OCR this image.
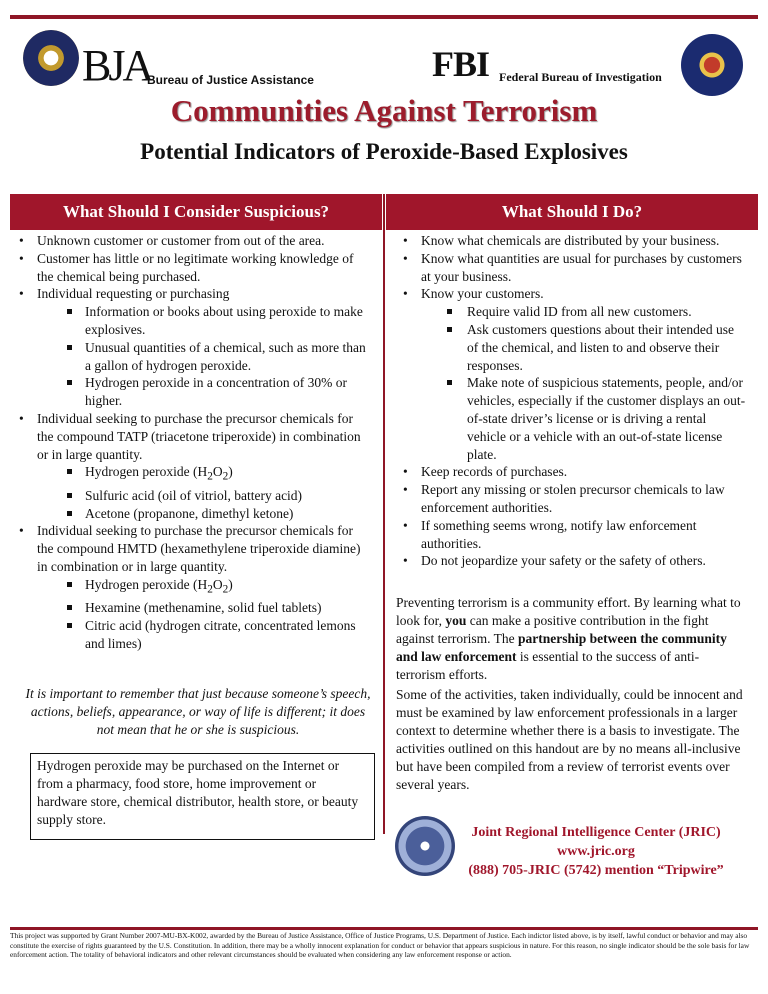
BJA
Bureau of Justice Assistance	FBI Federal Bureau of Investigation
Communities Against Terrorism
Potential Indicators of Peroxide-Based Explosives
What Should I Consider Suspicious?	What Should I Do?
• Unknown customer or customer from out of the area.
• Customer has little or no legitimate working knowledge of the chemical being purchased.
• Individual requesting or purchasing
Information or books about using peroxide to make explosives.
Unusual quantities of a chemical, such as more than a gallon of hydrogen peroxide.
Hydrogen peroxide in a concentration of 30% or higher.
• Individual seeking to purchase the precursor chemicals for the compound TATP (triacetone triperoxide) in combination or in large quantity.
Hydrogen peroxide $(H_2O_2)$
Sulfuric acid (oil of vitriol, battery acid)
Acetone (propanone, dimethyl ketone)
• Individual seeking to purchase the precursor chemicals for the compound HMTD (hexamethylene triperoxide diamine) in combination or in large quantity.
Hydrogen peroxide $(H_2O_2)$
Hexamine (methenamine, solid fuel tablets)
Citric acid (hydrogen citrate, concentrated lemons and limes)
It is important to remember that just because someone’s speech, actions, beliefs, appearance, or way of life is different; it does not mean that he or she is suspicious.
Hydrogen peroxide may be purchased on the Internet or from a pharmacy, food store, home improvement or hardware store, chemical distributor, health store, or beauty supply store.
• Know what chemicals are distributed by your business.
• Know what quantities are usual for purchases by customers at your business.
• Know your customers.
Require valid ID from all new customers.
Ask customers questions about their intended use of the chemical, and listen to and observe their responses.
Make note of suspicious statements, people, and/or vehicles, especially if the customer displays an out-of-state driver’s license or is driving a rental vehicle or a vehicle with an out-of-state license plate.
• Keep records of purchases.
• Report any missing or stolen precursor chemicals to law enforcement authorities.
• If something seems wrong, notify law enforcement authorities.
• Do not jeopardize your safety or the safety of others.
Preventing terrorism is a community effort. By learning what to look for, you can make a positive contribution in the fight against terrorism. The partnership between the community and law enforcement is essential to the success of anti-terrorism efforts.
Some of the activities, taken individually, could be innocent and must be examined by law enforcement professionals in a larger context to determine whether there is a basis to investigate. The activities outlined on this handout are by no means all-inclusive but have been compiled from a review of terrorist events over several years.
Joint Regional Intelligence Center (JRIC)
www.jric.org
(888) 705-JRIC (5742) mention “Tripwire”
This project was supported by Grant Number 2007-MU-BX-K002, awarded by the Bureau of Justice Assistance, Office of Justice Programs, U.S. Department of Justice. Each indictor listed above, is by itself, lawful conduct or behavior and may also constitute the exercise of rights guaranteed by the U.S. Constitution. In addition, there may be a wholly innocent explanation for conduct or behavior that appears suspicious in nature. For this reason, no single indicator should be the sole basis for law enforcement action. The totality of behavioral indicators and other relevant circumstances should be evaluated when considering any law enforcement response or action.
